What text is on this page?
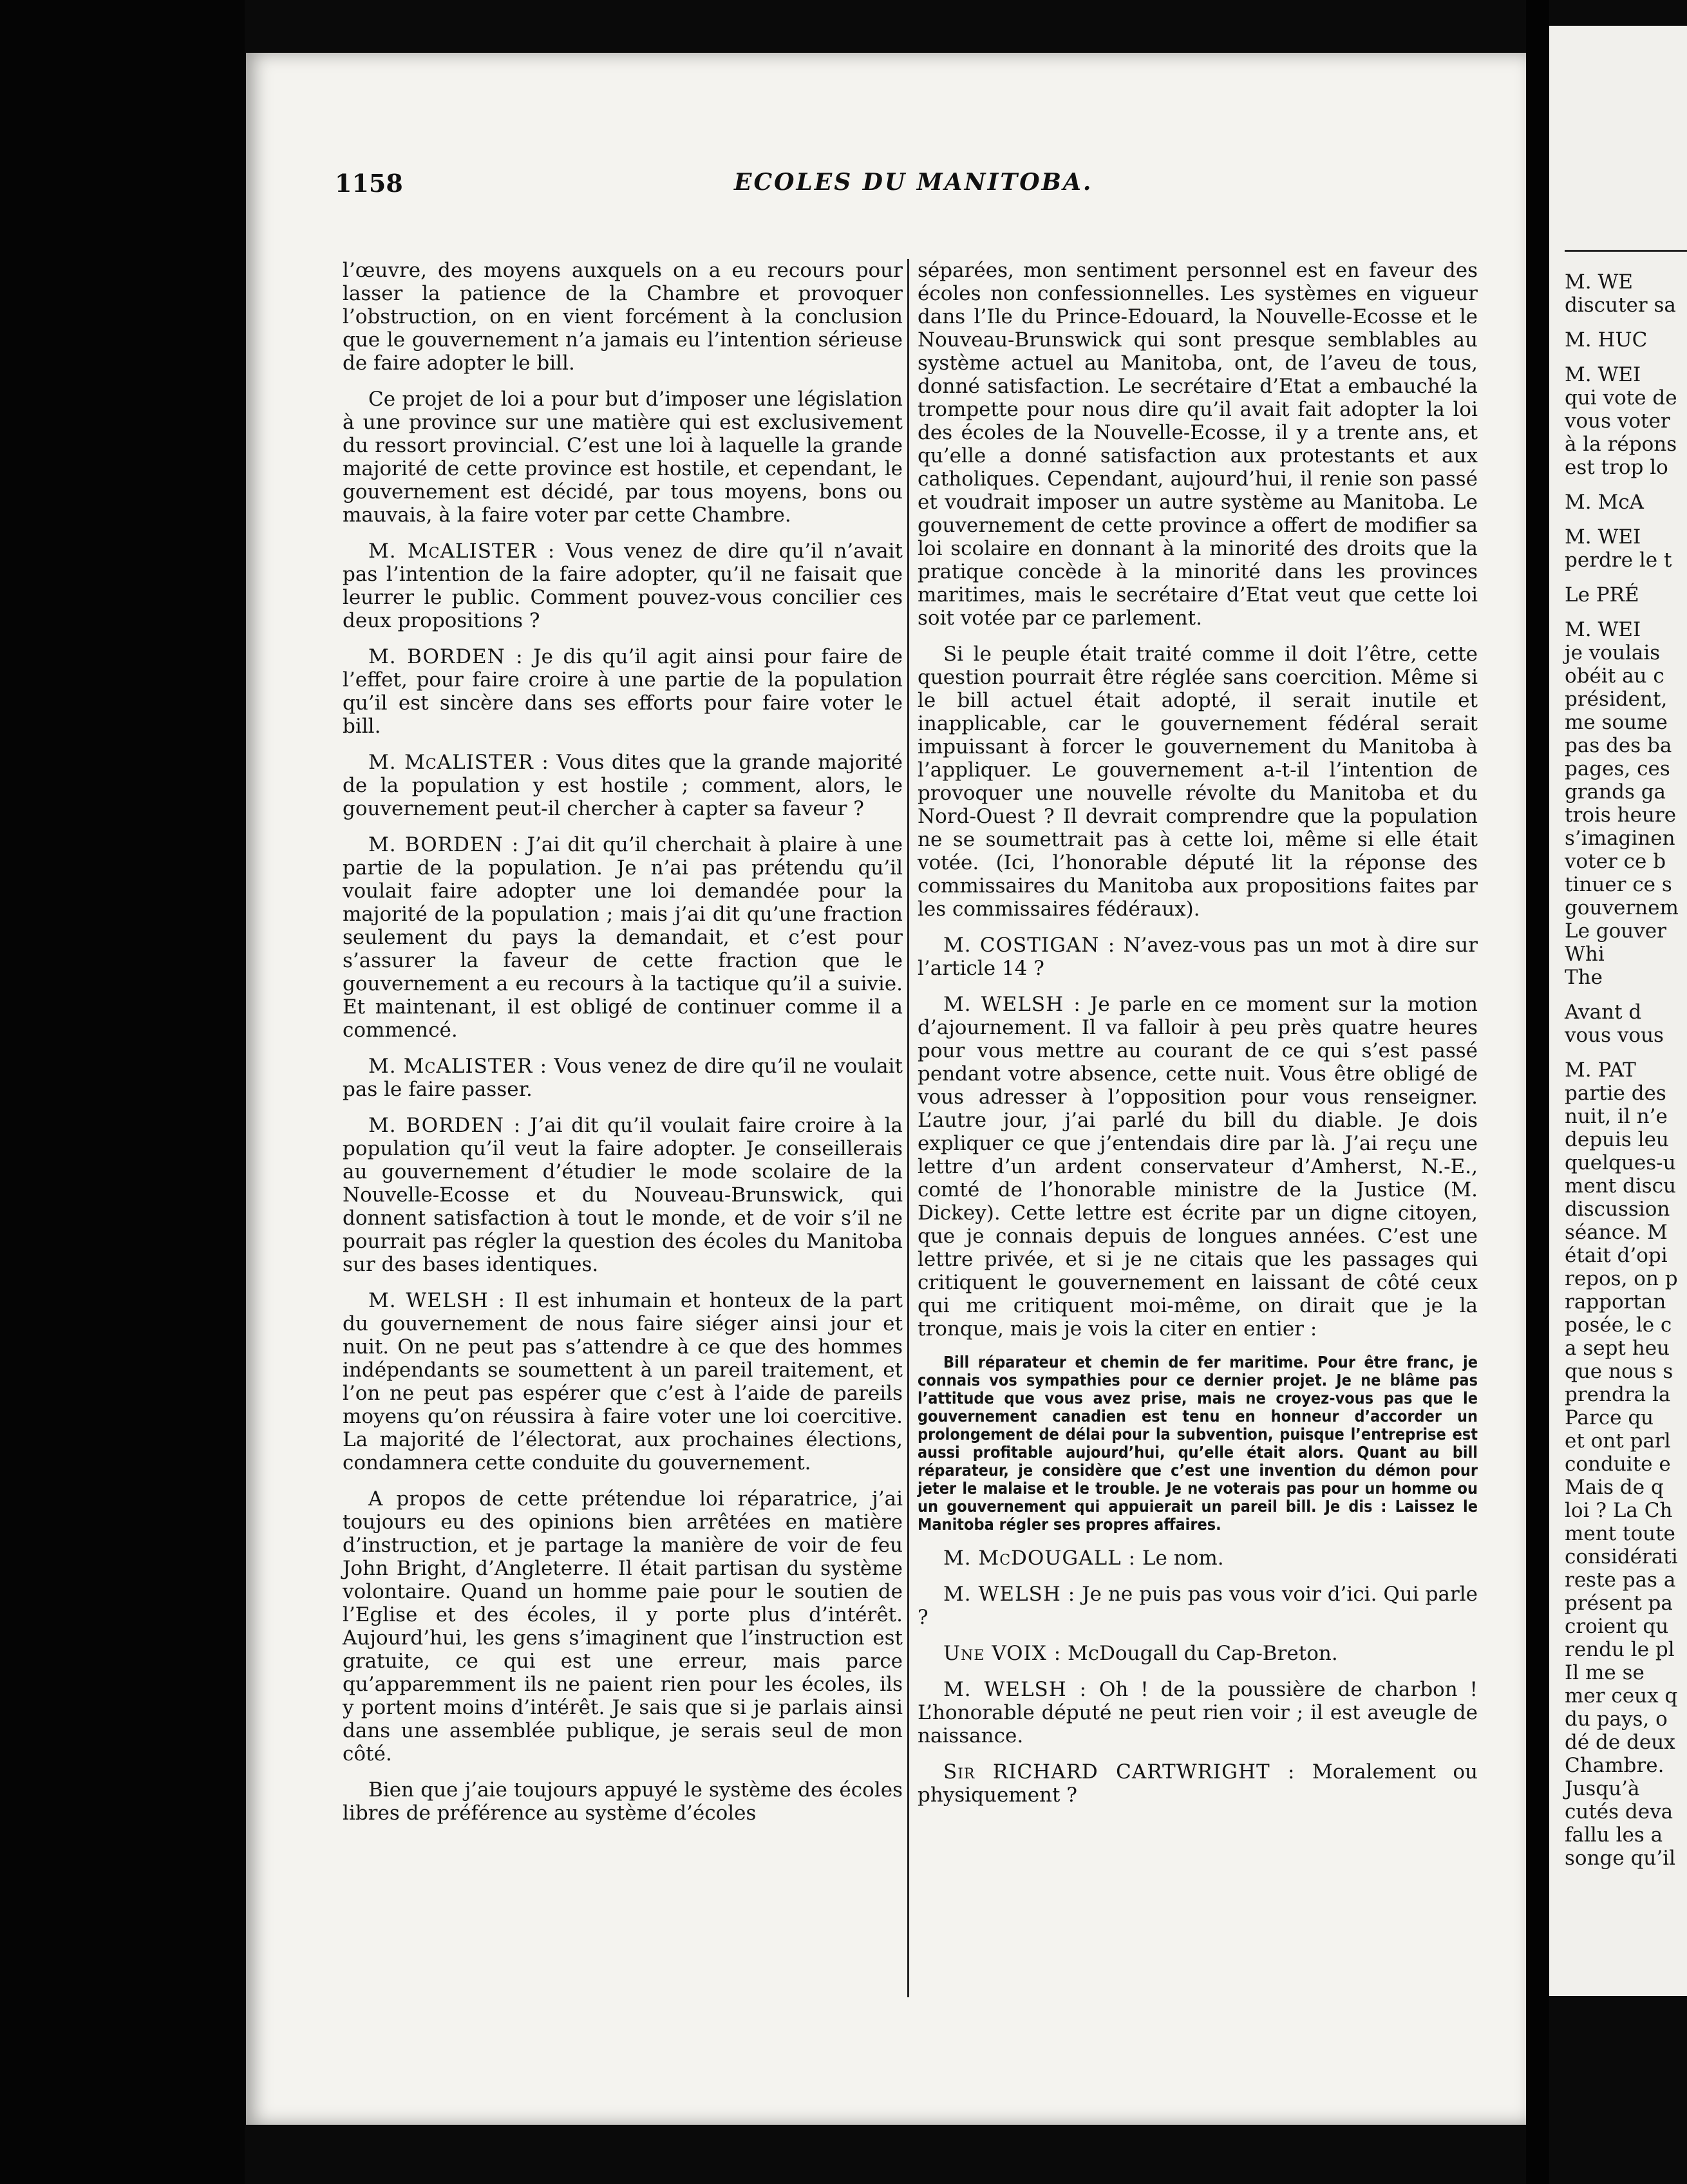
1158	ECOLES DU MANITOBA.

l’œuvre, des moyens auxquels on a eu recours pour lasser la patience de la Chambre et provoquer l’obstruction, on en vient forcément à la conclusion que le gouvernement n’a jamais eu l’intention sérieuse de faire adopter le bill.

Ce projet de loi a pour but d’imposer une législation à une province sur une matière qui est exclusivement du ressort provincial. C’est une loi à laquelle la grande majorité de cette province est hostile, et cependant, le gouvernement est décidé, par tous moyens, bons ou mauvais, à la faire voter par cette Chambre.

M. McALISTER : Vous venez de dire qu’il n’avait pas l’intention de la faire adopter, qu’il ne faisait que leurrer le public. Comment pouvez-vous concilier ces deux propositions ?

M. BORDEN : Je dis qu’il agit ainsi pour faire de l’effet, pour faire croire à une partie de la population qu’il est sincère dans ses efforts pour faire voter le bill.

M. McALISTER : Vous dites que la grande majorité de la population y est hostile ; comment, alors, le gouvernement peut-il chercher à capter sa faveur ?

M. BORDEN : J’ai dit qu’il cherchait à plaire à une partie de la population. Je n’ai pas prétendu qu’il voulait faire adopter une loi demandée pour la majorité de la population ; mais j’ai dit qu’une fraction seulement du pays la demandait, et c’est pour s’assurer la faveur de cette fraction que le gouvernement a eu recours à la tactique qu’il a suivie. Et maintenant, il est obligé de continuer comme il a commencé.

M. McALISTER : Vous venez de dire qu’il ne voulait pas le faire passer.

M. BORDEN : J’ai dit qu’il voulait faire croire à la population qu’il veut la faire adopter. Je conseillerais au gouvernement d’étudier le mode scolaire de la Nouvelle-Ecosse et du Nouveau-Brunswick, qui donnent satisfaction à tout le monde, et de voir s’il ne pourrait pas régler la question des écoles du Manitoba sur des bases identiques.

M. WELSH : Il est inhumain et honteux de la part du gouvernement de nous faire siéger ainsi jour et nuit. On ne peut pas s’attendre à ce que des hommes indépendants se soumettent à un pareil traitement, et l’on ne peut pas espérer que c’est à l’aide de pareils moyens qu’on réussira à faire voter une loi coercitive. La majorité de l’électorat, aux prochaines élections, condamnera cette conduite du gouvernement.

A propos de cette prétendue loi réparatrice, j’ai toujours eu des opinions bien arrêtées en matière d’instruction, et je partage la manière de voir de feu John Bright, d’Angleterre. Il était partisan du système volontaire. Quand un homme paie pour le soutien de l’Eglise et des écoles, il y porte plus d’intérêt. Aujourd’hui, les gens s’imaginent que l’instruction est gratuite, ce qui est une erreur, mais parce qu’apparemment ils ne paient rien pour les écoles, ils y portent moins d’intérêt. Je sais que si je parlais ainsi dans une assemblée publique, je serais seul de mon côté.

Bien que j’aie toujours appuyé le système des écoles libres de préférence au système d’écoles

séparées, mon sentiment personnel est en faveur des écoles non confessionnelles. Les systèmes en vigueur dans l’Ile du Prince-Edouard, la Nouvelle-Ecosse et le Nouveau-Brunswick qui sont presque semblables au système actuel au Manitoba, ont, de l’aveu de tous, donné satisfaction. Le secrétaire d’Etat a embauché la trompette pour nous dire qu’il avait fait adopter la loi des écoles de la Nouvelle-Ecosse, il y a trente ans, et qu’elle a donné satisfaction aux protestants et aux catholiques. Cependant, aujourd’hui, il renie son passé et voudrait imposer un autre système au Manitoba. Le gouvernement de cette province a offert de modifier sa loi scolaire en donnant à la minorité des droits que la pratique concède à la minorité dans les provinces maritimes, mais le secrétaire d’Etat veut que cette loi soit votée par ce parlement.

Si le peuple était traité comme il doit l’être, cette question pourrait être réglée sans coercition. Même si le bill actuel était adopté, il serait inutile et inapplicable, car le gouvernement fédéral serait impuissant à forcer le gouvernement du Manitoba à l’appliquer. Le gouvernement a-t-il l’intention de provoquer une nouvelle révolte du Manitoba et du Nord-Ouest ? Il devrait comprendre que la population ne se soumettrait pas à cette loi, même si elle était votée. (Ici, l’honorable député lit la réponse des commissaires du Manitoba aux propositions faites par les commissaires fédéraux).

M. COSTIGAN : N’avez-vous pas un mot à dire sur l’article 14 ?

M. WELSH : Je parle en ce moment sur la motion d’ajournement. Il va falloir à peu près quatre heures pour vous mettre au courant de ce qui s’est passé pendant votre absence, cette nuit. Vous être obligé de vous adresser à l’opposition pour vous renseigner. L’autre jour, j’ai parlé du bill du diable. Je dois expliquer ce que j’entendais dire par là. J’ai reçu une lettre d’un ardent conservateur d’Amherst, N.-E., comté de l’honorable ministre de la Justice (M. Dickey). Cette lettre est écrite par un digne citoyen, que je connais depuis de longues années. C’est une lettre privée, et si je ne citais que les passages qui critiquent le gouvernement en laissant de côté ceux qui me critiquent moi-même, on dirait que je la tronque, mais je vois la citer en entier :

Bill réparateur et chemin de fer maritime. Pour être franc, je connais vos sympathies pour ce dernier projet. Je ne blâme pas l’attitude que vous avez prise, mais ne croyez-vous pas que le gouvernement canadien est tenu en honneur d’accorder un prolongement de délai pour la subvention, puisque l’entreprise est aussi profitable aujourd’hui, qu’elle était alors. Quant au bill réparateur, je considère que c’est une invention du démon pour jeter le malaise et le trouble. Je ne voterais pas pour un homme ou un gouvernement qui appuierait un pareil bill. Je dis : Laissez le Manitoba régler ses propres affaires.

M. McDOUGALL : Le nom.

M. WELSH : Je ne puis pas vous voir d’ici. Qui parle ?

Une VOIX : McDougall du Cap-Breton.

M. WELSH : Oh ! de la poussière de charbon ! L’honorable député ne peut rien voir ; il est aveugle de naissance.

Sir RICHARD CARTWRIGHT : Moralement ou physiquement ?

M. WE
discuter sa
M. HUC
M. WEI
qui vote de
vous voter
à la répons
est trop lo
M. McA
M. WEI
perdre le t
Le PRÉ
M. WEI
je voulais
obéit au c
président,
me soume
pas des ba
pages, ces
grands ga
trois heure
s’imaginen
voter ce b
tinuer ce s
gouvernem
Le gouver
Whi
The
Avant d
vous vous
M. PAT
partie des
nuit, il n’e
depuis leu
quelques-u
ment discu
discussion
séance. M
était d’opi
repos, on p
rapportan
posée, le c
a sept heu
que nous s
prendra la
Parce qu
et ont parl
conduite e
Mais de q
loi ? La Ch
ment toute
considérati
reste pas a
présent pa
croient qu
rendu le pl
Il me se
mer ceux q
du pays, o
dé de deux
Chambre.
Jusqu’à
cutés deva
fallu les a
songe qu’il
